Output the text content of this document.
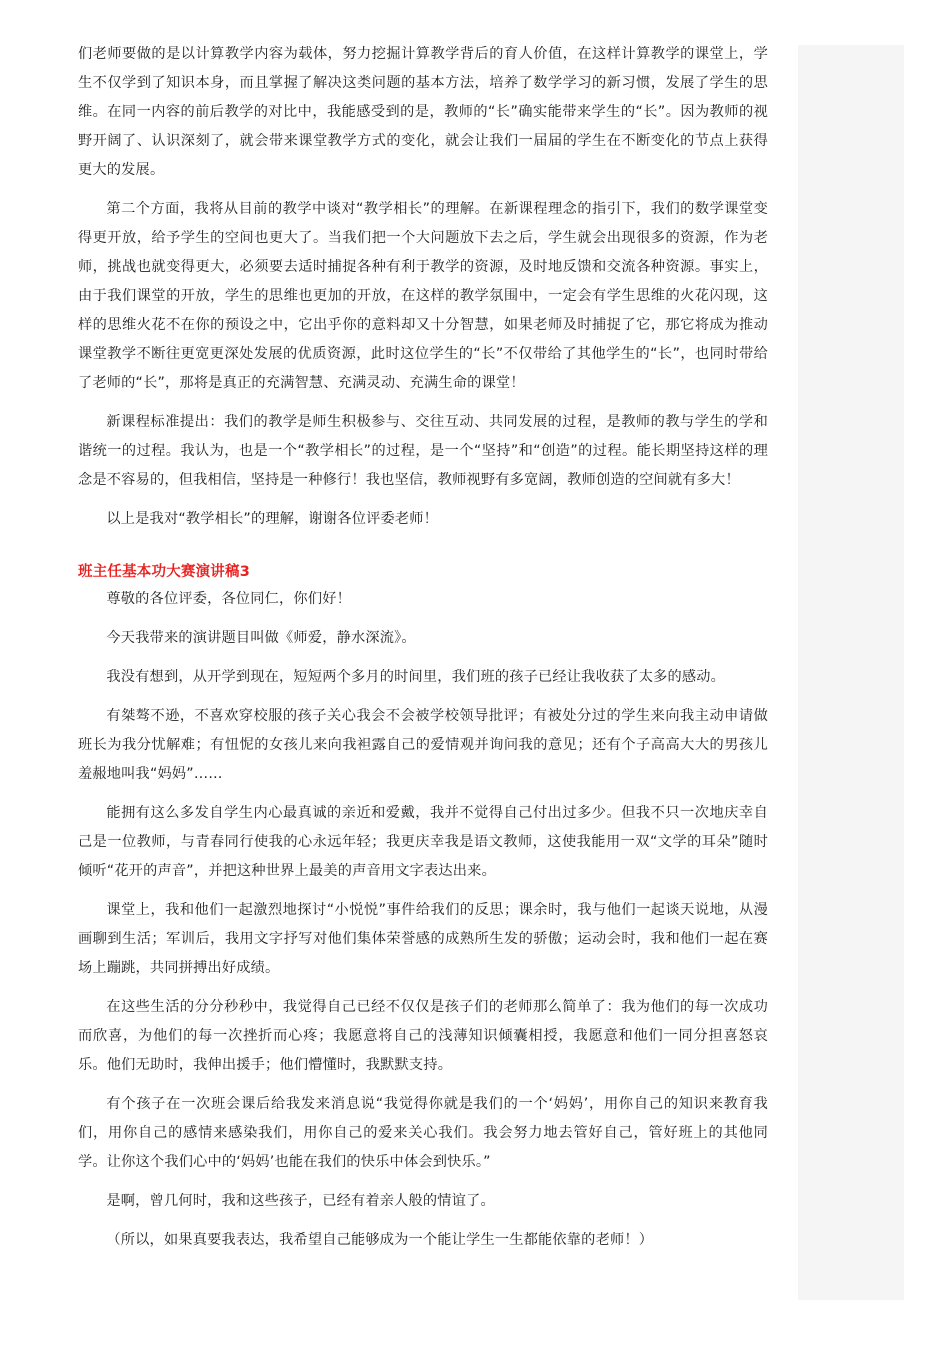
们老师要做的是以计算教学内容为载体，努力挖掘计算教学背后的育人价值，在这样计算教学的课堂上，学生不仅学到了知识本身，而且掌握了解决这类问题的基本方法，培养了数学学习的新习惯，发展了学生的思维。在同一内容的前后教学的对比中，我能感受到的是，教师的“长”确实能带来学生的“长”。因为教师的视野开阔了、认识深刻了，就会带来课堂教学方式的变化，就会让我们一届届的学生在不断变化的节点上获得更大的发展。

第二个方面，我将从目前的教学中谈对“教学相长”的理解。在新课程理念的指引下，我们的数学课堂变得更开放，给予学生的空间也更大了。当我们把一个大问题放下去之后，学生就会出现很多的资源，作为老师，挑战也就变得更大，必须要去适时捕捉各种有利于教学的资源，及时地反馈和交流各种资源。事实上，由于我们课堂的开放，学生的思维也更加的开放，在这样的教学氛围中，一定会有学生思维的火花闪现，这样的思维火花不在你的预设之中，它出乎你的意料却又十分智慧，如果老师及时捕捉了它，那它将成为推动课堂教学不断往更宽更深处发展的优质资源，此时这位学生的“长”不仅带给了其他学生的“长”，也同时带给了老师的“长”，那将是真正的充满智慧、充满灵动、充满生命的课堂！

新课程标准提出：我们的教学是师生积极参与、交往互动、共同发展的过程，是教师的教与学生的学和谐统一的过程。我认为，也是一个“教学相长”的过程，是一个“坚持”和“创造”的过程。能长期坚持这样的理念是不容易的，但我相信，坚持是一种修行！我也坚信，教师视野有多宽阔，教师创造的空间就有多大！

以上是我对“教学相长”的理解，谢谢各位评委老师！

班主任基本功大赛演讲稿3

尊敬的各位评委，各位同仁，你们好！

今天我带来的演讲题目叫做《师爱，静水深流》。

我没有想到，从开学到现在，短短两个多月的时间里，我们班的孩子已经让我收获了太多的感动。

有桀骜不逊，不喜欢穿校服的孩子关心我会不会被学校领导批评；有被处分过的学生来向我主动申请做班长为我分忧解难；有忸怩的女孩儿来向我袒露自己的爱情观并询问我的意见；还有个子高高大大的男孩儿羞赧地叫我“妈妈”……

能拥有这么多发自学生内心最真诚的亲近和爱戴，我并不觉得自己付出过多少。但我不只一次地庆幸自己是一位教师，与青春同行使我的心永远年轻；我更庆幸我是语文教师，这使我能用一双“文学的耳朵”随时倾听“花开的声音”，并把这种世界上最美的声音用文字表达出来。

课堂上，我和他们一起激烈地探讨“小悦悦”事件给我们的反思；课余时，我与他们一起谈天说地，从漫画聊到生活；军训后，我用文字抒写对他们集体荣誉感的成熟所生发的骄傲；运动会时，我和他们一起在赛场上蹦跳，共同拼搏出好成绩。

在这些生活的分分秒秒中，我觉得自己已经不仅仅是孩子们的老师那么简单了：我为他们的每一次成功而欣喜，为他们的每一次挫折而心疼；我愿意将自己的浅薄知识倾囊相授，我愿意和他们一同分担喜怒哀乐。他们无助时，我伸出援手；他们懵懂时，我默默支持。

有个孩子在一次班会课后给我发来消息说“我觉得你就是我们的一个‘妈妈’，用你自己的知识来教育我们，用你自己的感情来感染我们，用你自己的爱来关心我们。我会努力地去管好自己，管好班上的其他同学。让你这个我们心中的‘妈妈’也能在我们的快乐中体会到快乐。”

是啊，曾几何时，我和这些孩子，已经有着亲人般的情谊了。

（所以，如果真要我表达，我希望自己能够成为一个能让学生一生都能依靠的老师！）
